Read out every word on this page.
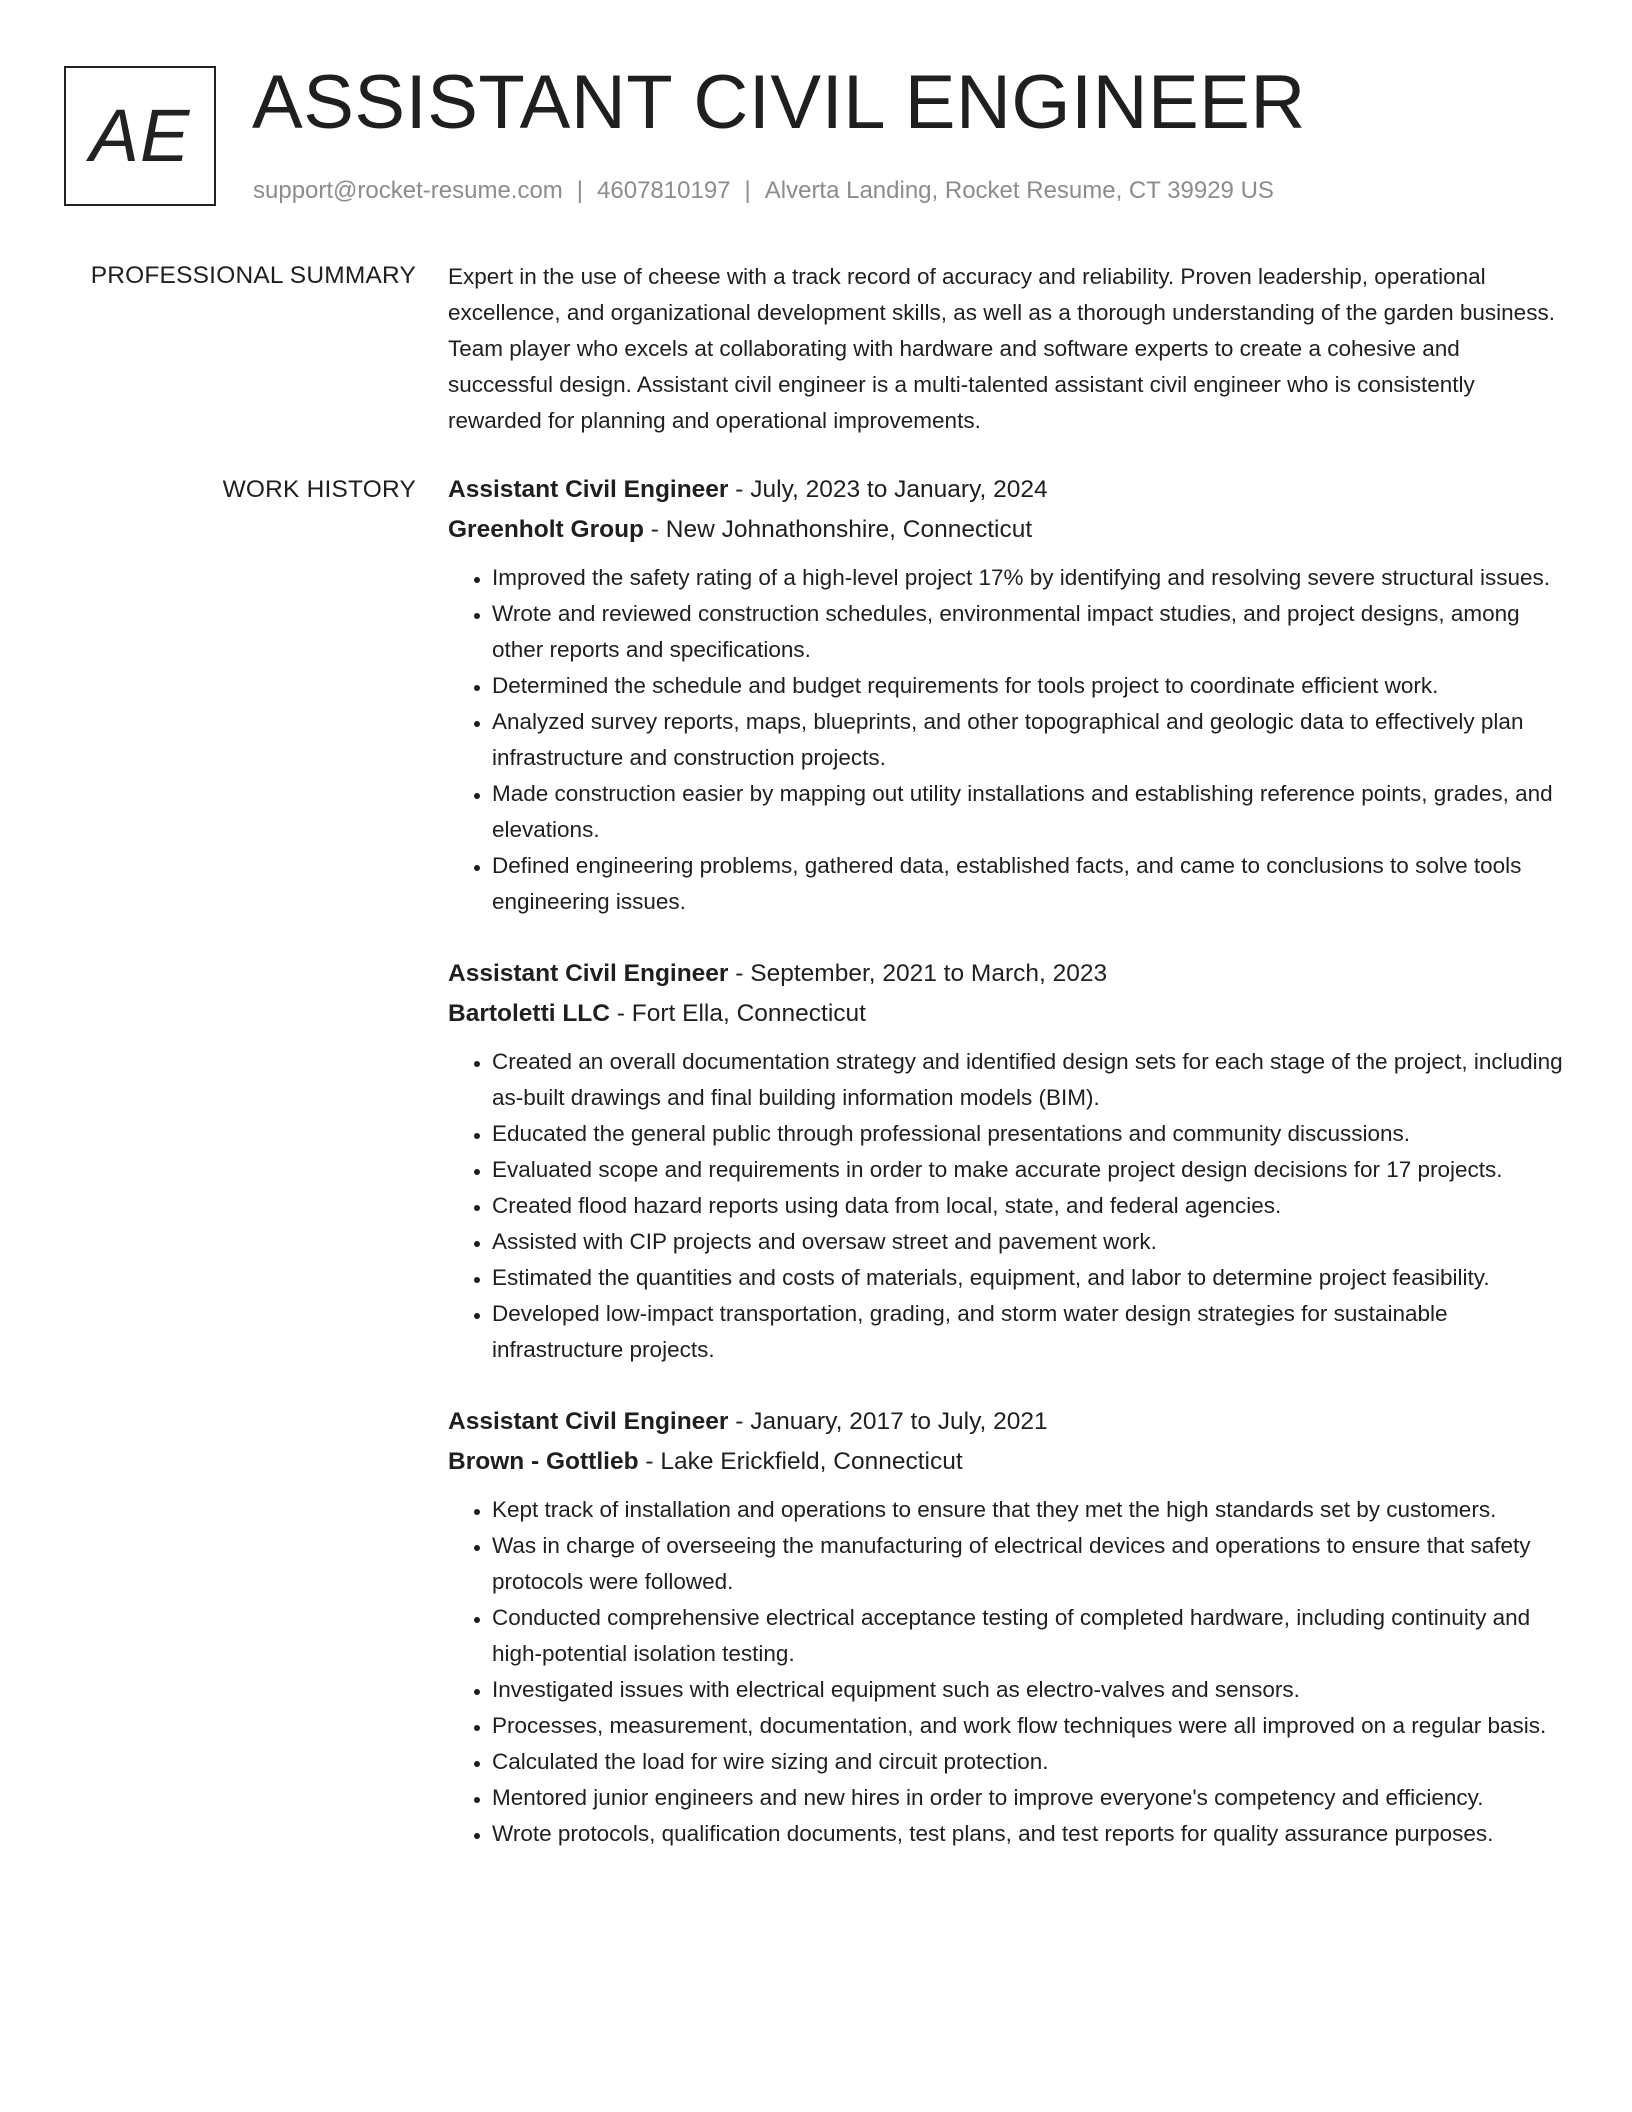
AE ASSISTANT CIVIL ENGINEER
support@rocket-resume.com | 4607810197 | Alverta Landing, Rocket Resume, CT 39929 US
PROFESSIONAL SUMMARY Expert in the use of cheese with a track record of accuracy and reliability. Proven leadership, operational excellence, and organizational development skills, as well as a thorough understanding of the garden business. Team player who excels at collaborating with hardware and software experts to create a cohesive and successful design. Assistant civil engineer is a multi-talented assistant civil engineer who is consistently rewarded for planning and operational improvements.

WORK HISTORY Assistant Civil Engineer - July, 2023 to January, 2024
Greenholt Group - New Johnathonshire, Connecticut
• Improved the safety rating of a high-level project 17% by identifying and resolving severe structural issues.
• Wrote and reviewed construction schedules, environmental impact studies, and project designs, among other reports and specifications.
• Determined the schedule and budget requirements for tools project to coordinate efficient work.
• Analyzed survey reports, maps, blueprints, and other topographical and geologic data to effectively plan infrastructure and construction projects.
• Made construction easier by mapping out utility installations and establishing reference points, grades, and elevations.
• Defined engineering problems, gathered data, established facts, and came to conclusions to solve tools engineering issues.
Assistant Civil Engineer - September, 2021 to March, 2023
Bartoletti LLC - Fort Ella, Connecticut
• Created an overall documentation strategy and identified design sets for each stage of the project, including as-built drawings and final building information models (BIM).
• Educated the general public through professional presentations and community discussions.
• Evaluated scope and requirements in order to make accurate project design decisions for 17 projects.
• Created flood hazard reports using data from local, state, and federal agencies.
• Assisted with CIP projects and oversaw street and pavement work.
• Estimated the quantities and costs of materials, equipment, and labor to determine project feasibility.
• Developed low-impact transportation, grading, and storm water design strategies for sustainable infrastructure projects.
Assistant Civil Engineer - January, 2017 to July, 2021
Brown - Gottlieb - Lake Erickfield, Connecticut
• Kept track of installation and operations to ensure that they met the high standards set by customers.
• Was in charge of overseeing the manufacturing of electrical devices and operations to ensure that safety protocols were followed.
• Conducted comprehensive electrical acceptance testing of completed hardware, including continuity and high-potential isolation testing.
• Investigated issues with electrical equipment such as electro-valves and sensors.
• Processes, measurement, documentation, and work flow techniques were all improved on a regular basis.
• Calculated the load for wire sizing and circuit protection.
• Mentored junior engineers and new hires in order to improve everyone's competency and efficiency.
• Wrote protocols, qualification documents, test plans, and test reports for quality assurance purposes.
